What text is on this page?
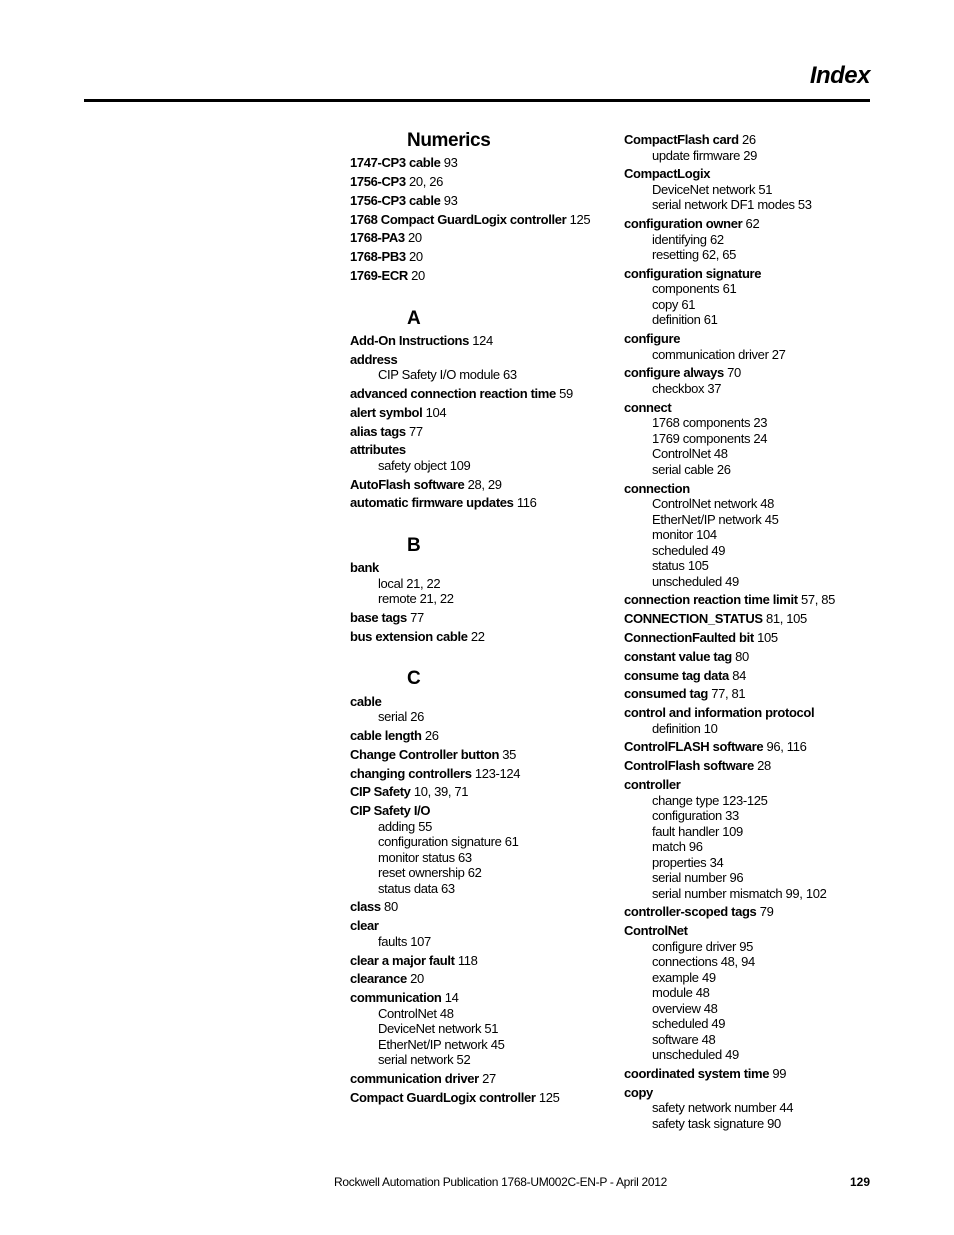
Index
Numerics
1747-CP3 cable 93
1756-CP3 20, 26
1756-CP3 cable 93
1768 Compact GuardLogix controller 125
1768-PA3 20
1768-PB3 20
1769-ECR 20
A
Add-On Instructions 124
address
CIP Safety I/O module 63
advanced connection reaction time 59
alert symbol 104
alias tags 77
attributes
safety object 109
AutoFlash software 28, 29
automatic firmware updates 116
B
bank
local 21, 22
remote 21, 22
base tags 77
bus extension cable 22
C
cable
serial 26
cable length 26
Change Controller button 35
changing controllers 123-124
CIP Safety 10, 39, 71
CIP Safety I/O
adding 55
configuration signature 61
monitor status 63
reset ownership 62
status data 63
class 80
clear
faults 107
clear a major fault 118
clearance 20
communication 14
ControlNet 48
DeviceNet network 51
EtherNet/IP network 45
serial network 52
communication driver 27
Compact GuardLogix controller 125
CompactFlash card 26
update firmware 29
CompactLogix
DeviceNet network 51
serial network DF1 modes 53
configuration owner 62
identifying 62
resetting 62, 65
configuration signature
components 61
copy 61
definition 61
configure
communication driver 27
configure always 70
checkbox 37
connect
1768 components 23
1769 components 24
ControlNet 48
serial cable 26
connection
ControlNet network 48
EtherNet/IP network 45
monitor 104
scheduled 49
status 105
unscheduled 49
connection reaction time limit 57, 85
CONNECTION_STATUS 81, 105
ConnectionFaulted bit 105
constant value tag 80
consume tag data 84
consumed tag 77, 81
control and information protocol
definition 10
ControlFLASH software 96, 116
ControlFlash software 28
controller
change type 123-125
configuration 33
fault handler 109
match 96
properties 34
serial number 96
serial number mismatch 99, 102
controller-scoped tags 79
ControlNet
configure driver 95
connections 48, 94
example 49
module 48
overview 48
scheduled 49
software 48
unscheduled 49
coordinated system time 99
copy
safety network number 44
safety task signature 90
Rockwell Automation Publication 1768-UM002C-EN-P - April 2012	129
